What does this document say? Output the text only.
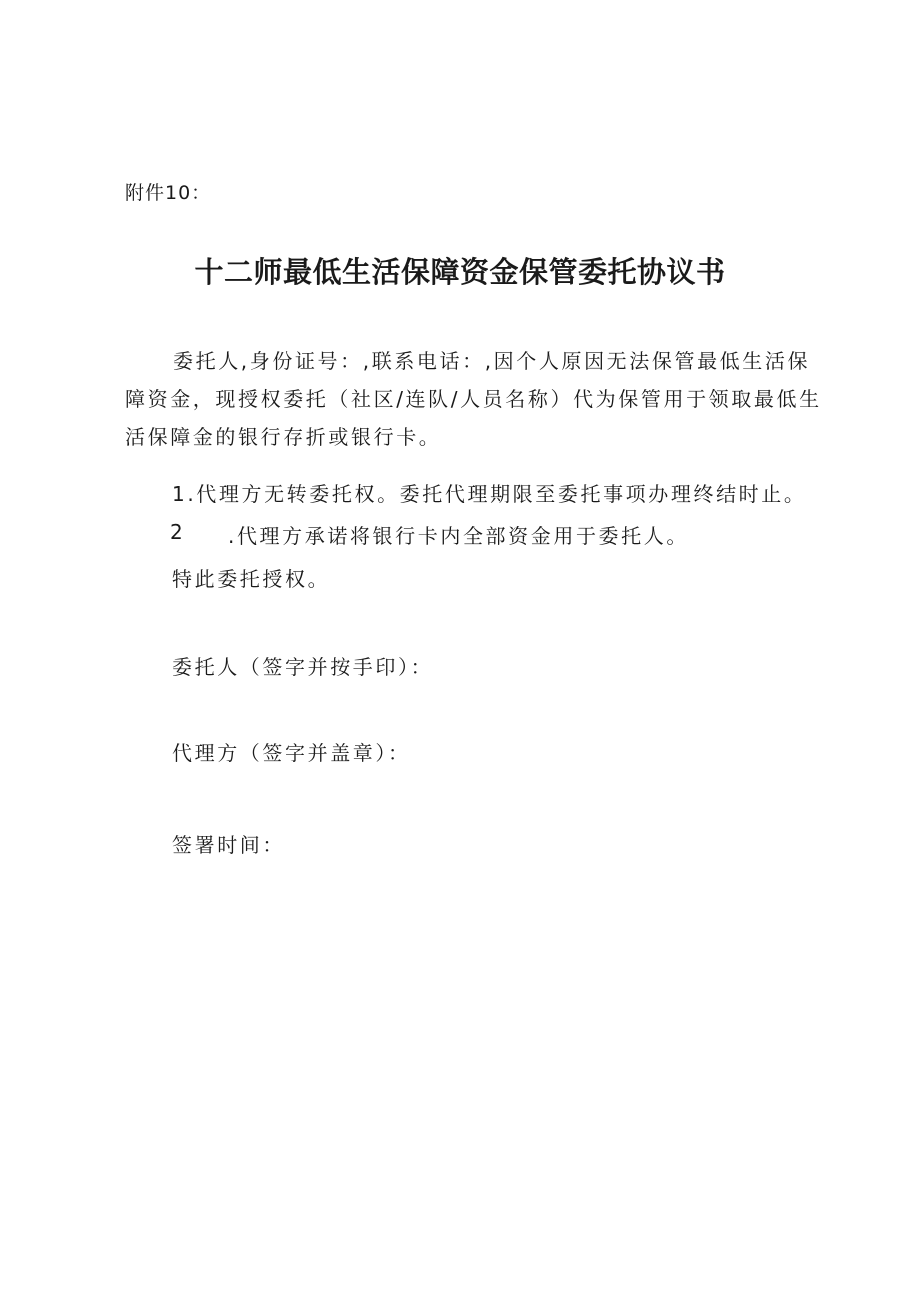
附件10：
十二师最低生活保障资金保管委托协议书
委托人,身份证号：,联系电话：,因个人原因无法保管最低生活保障资金，现授权委托（社区/连队/人员名称）代为保管用于领取最低生活保障金的银行存折或银行卡。
1.代理方无转委托权。委托代理期限至委托事项办理终结时止。
2 .代理方承诺将银行卡内全部资金用于委托人。
特此委托授权。
委托人（签字并按手印）：
代理方（签字并盖章）：
签署时间：
